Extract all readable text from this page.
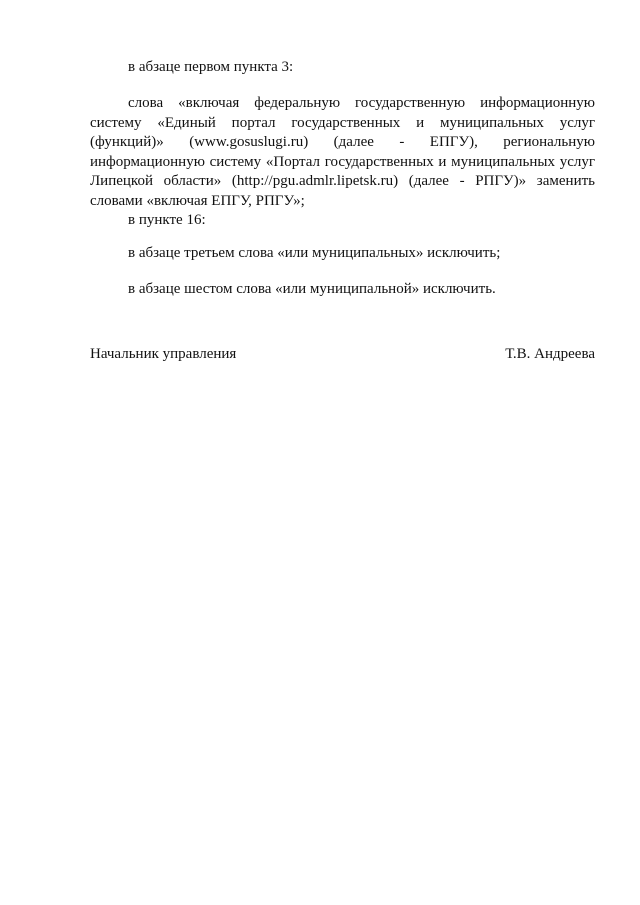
в абзаце первом пункта 3:

слова «включая федеральную государственную информационную систему «Единый портал государственных и муниципальных услуг (функций)» (www.gosuslugi.ru) (далее - ЕПГУ), региональную информационную систему «Портал государственных и муниципальных услуг Липецкой области» (http://pgu.admlr.lipetsk.ru) (далее - РПГУ)» заменить словами «включая ЕПГУ, РПГУ»;

в пункте 16:

в абзаце третьем слова «или муниципальных» исключить;

в абзаце шестом слова «или муниципальной» исключить.

Начальник управления	Т.В. Андреева
